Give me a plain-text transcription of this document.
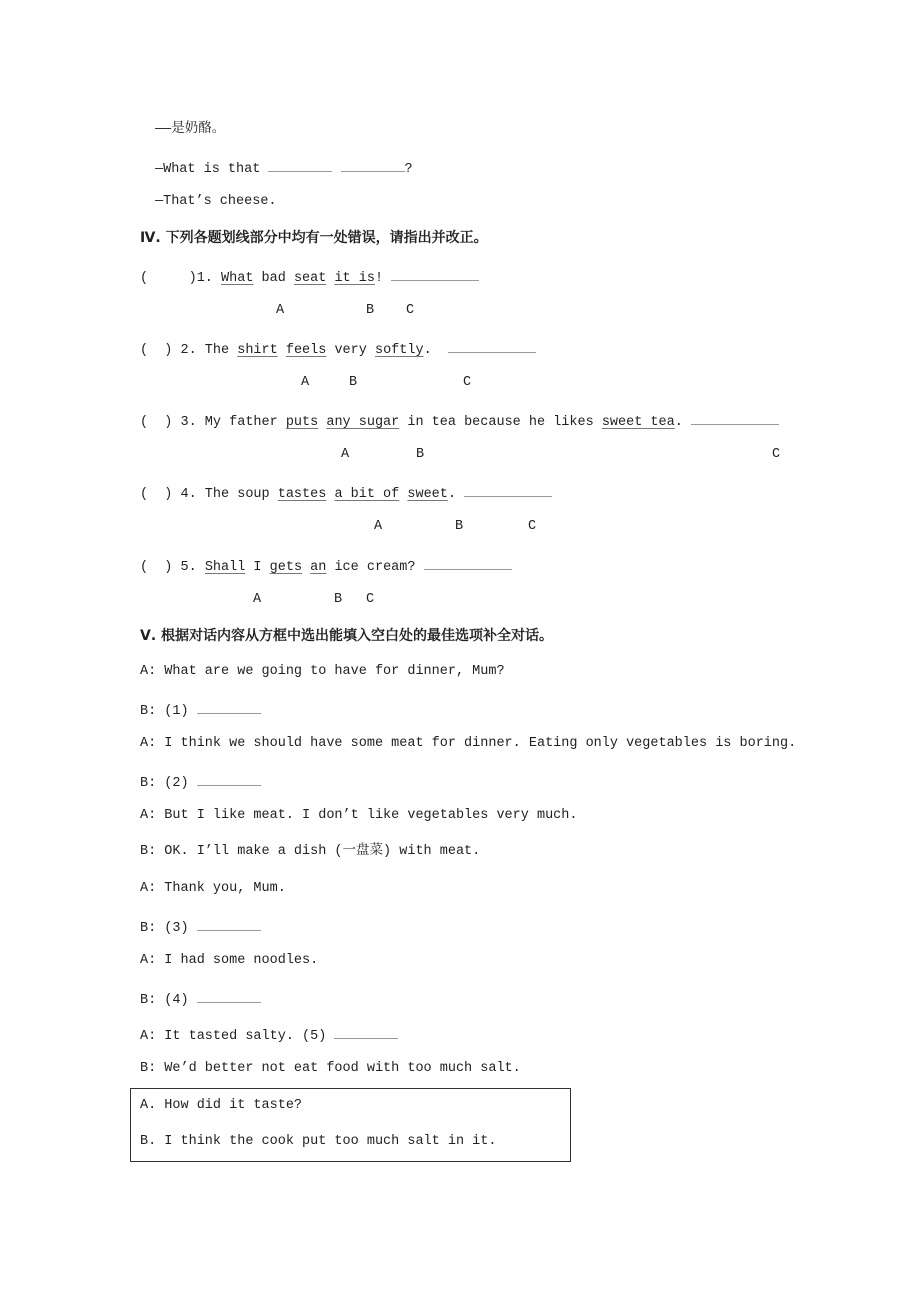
——是奶酪。
—What is that	?
—That’s cheese.
Ⅳ. 下列各题划线部分中均有一处错误，请指出并改正。
(     )1. What bad seat it is!
A	B C
(  ) 2. The shirt feels very softly.
A	B	C
(  ) 3. My father puts any sugar in tea because he likes sweet tea.
A	B	C
(  ) 4. The soup tastes a bit of sweet.
A	B	C
(  ) 5. Shall I gets an ice cream?
A	B C
Ⅴ. 根据对话内容从方框中选出能填入空白处的最佳选项补全对话。
A: What are we going to have for dinner, Mum?
B: (1)
A: I think we should have some meat for dinner. Eating only vegetables is boring.
B: (2)
A: But I like meat. I don’t like vegetables very much.
B: OK. I’ll make a dish (一盘菜) with meat.
A: Thank you, Mum.
B: (3)
A: I had some noodles.
B: (4)
A: It tasted salty. (5)
B: We’d better not eat food with too much salt.
A. How did it taste?
B. I think the cook put too much salt in it.
